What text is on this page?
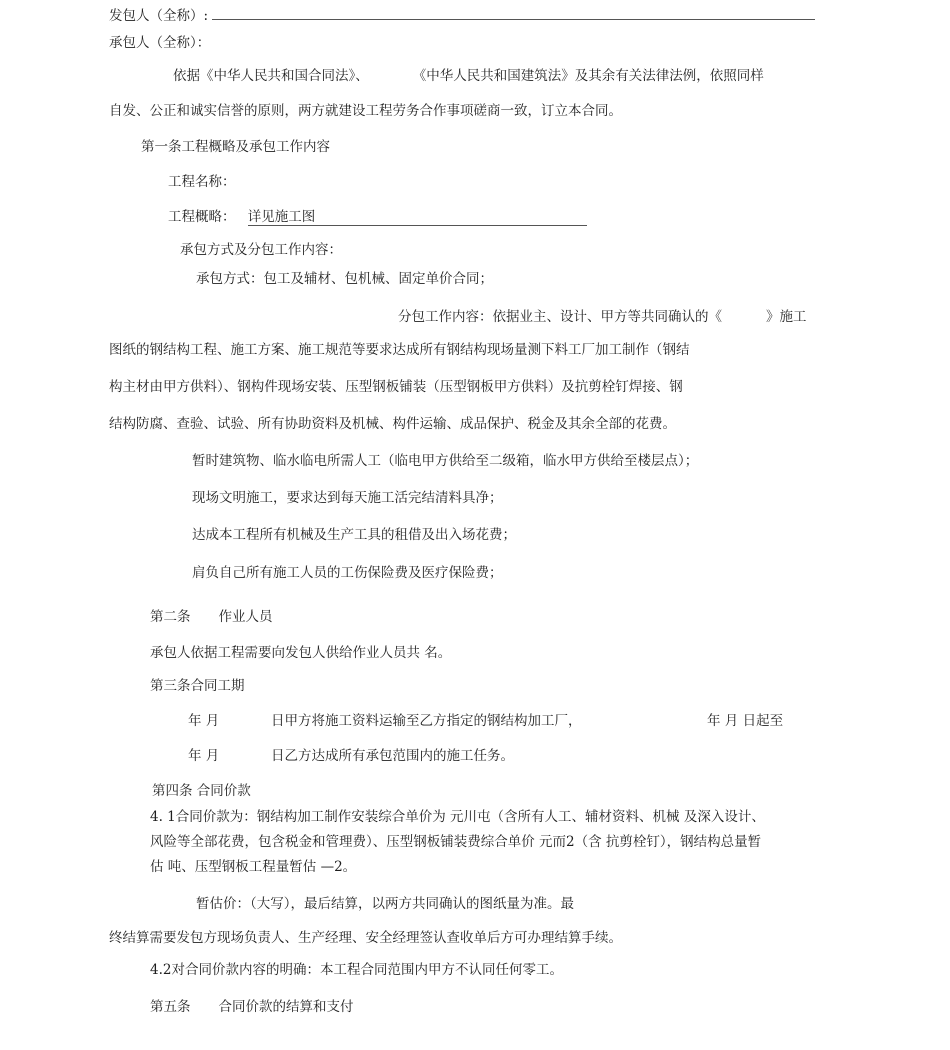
发包人（全称）:
承包人（全称）：
依据《中华人民共和国合同法》、	《中华人民共和国建筑法》及其余有关法律法例，依照同样
自发、公正和诚实信誉的原则，两方就建设工程劳务合作事项磋商一致，订立本合同。
第一条工程概略及承包工作内容
工程名称：
工程概略： 详见施工图
承包方式及分包工作内容：
承包方式：包工及辅材、包机械、固定单价合同；
分包工作内容：依据业主、设计、甲方等共同确认的《	》施工
图纸的钢结构工程、施工方案、施工规范等要求达成所有钢结构现场量测下料工厂加工制作（钢结
构主材由甲方供料）、钢构件现场安装、压型钢板铺装（压型钢板甲方供料）及抗剪栓钉焊接、钢
结构防腐、查验、试验、所有协助资料及机械、构件运输、成品保护、税金及其余全部的花费。
暂时建筑物、临水临电所需人工（临电甲方供给至二级箱，临水甲方供给至楼层点）；
现场文明施工，要求达到每天施工活完结清料具净；
达成本工程所有机械及生产工具的租借及出入场花费；
肩负自己所有施工人员的工伤保险费及医疗保险费；
第二条 作业人员
承包人依据工程需要向发包人供给作业人员共 名。
第三条合同工期
年 月	日甲方将施工资料运输至乙方指定的钢结构加工厂，	年 月 日起至
年 月	日乙方达成所有承包范围内的施工任务。
第四条 合同价款
4. 1合同价款为：钢结构加工制作安装综合单价为 元川屯（含所有人工、辅材资料、机械 及深入设计、
风险等全部花费，包含税金和管理费）、压型钢板铺装费综合单价 元而2（含 抗剪栓钉），钢结构总量暂
估 吨、压型钢板工程量暂估 —2。
暂估价：（大写），最后结算，以两方共同确认的图纸量为准。最
终结算需要发包方现场负责人、生产经理、安全经理签认查收单后方可办理结算手续。
4.2对合同价款内容的明确：本工程合同范围内甲方不认同任何零工。
第五条 合同价款的结算和支付
